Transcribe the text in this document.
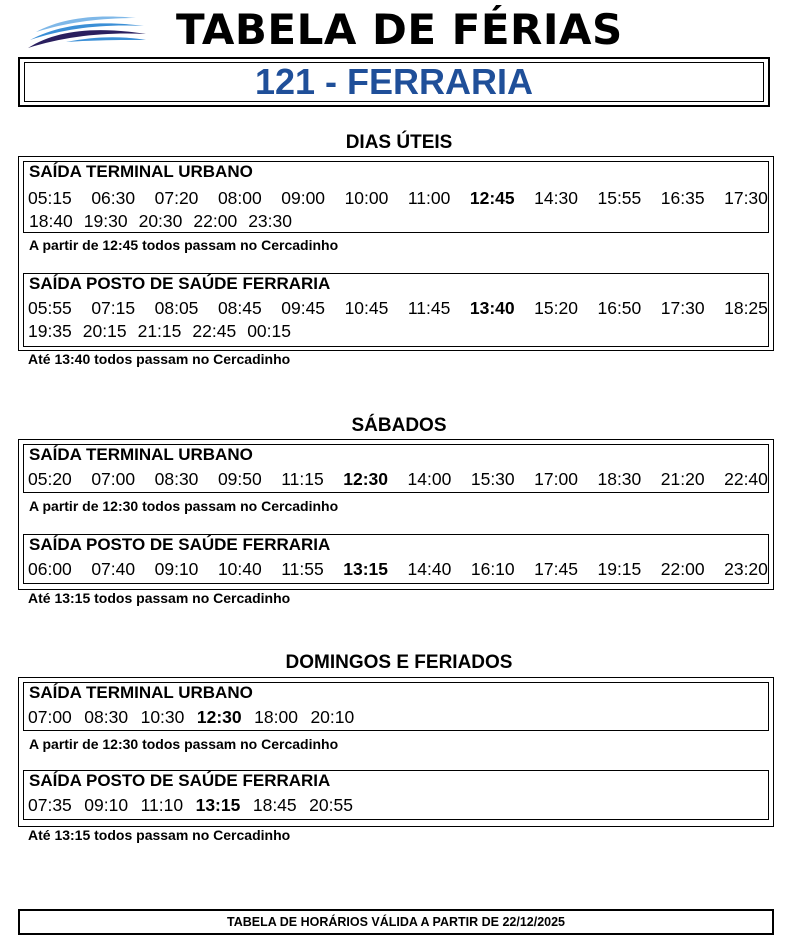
TABELA DE FÉRIAS
121 - FERRARIA
DIAS ÚTEIS
SAÍDA TERMINAL URBANO
05:15 06:30 07:20 08:00 09:00 10:00 11:00 12:45 14:30 15:55 16:35 17:30
18:40 19:30 20:30 22:00 23:30
A partir de 12:45 todos passam no Cercadinho
SAÍDA POSTO DE SAÚDE FERRARIA
05:55 07:15 08:05 08:45 09:45 10:45 11:45 13:40 15:20 16:50 17:30 18:25
19:35 20:15 21:15 22:45 00:15
Até 13:40 todos passam no Cercadinho
SÁBADOS
SAÍDA TERMINAL URBANO
05:20 07:00 08:30 09:50 11:15 12:30 14:00 15:30 17:00 18:30 21:20 22:40
A partir de 12:30 todos passam no Cercadinho
SAÍDA POSTO DE SAÚDE FERRARIA
06:00 07:40 09:10 10:40 11:55 13:15 14:40 16:10 17:45 19:15 22:00 23:20
Até 13:15 todos passam no Cercadinho
DOMINGOS E FERIADOS
SAÍDA TERMINAL URBANO
07:00 08:30 10:30 12:30 18:00 20:10
A partir de 12:30 todos passam no Cercadinho
SAÍDA POSTO DE SAÚDE FERRARIA
07:35 09:10 11:10 13:15 18:45 20:55
Até 13:15 todos passam no Cercadinho
TABELA DE HORÁRIOS VÁLIDA A PARTIR DE 22/12/2025
